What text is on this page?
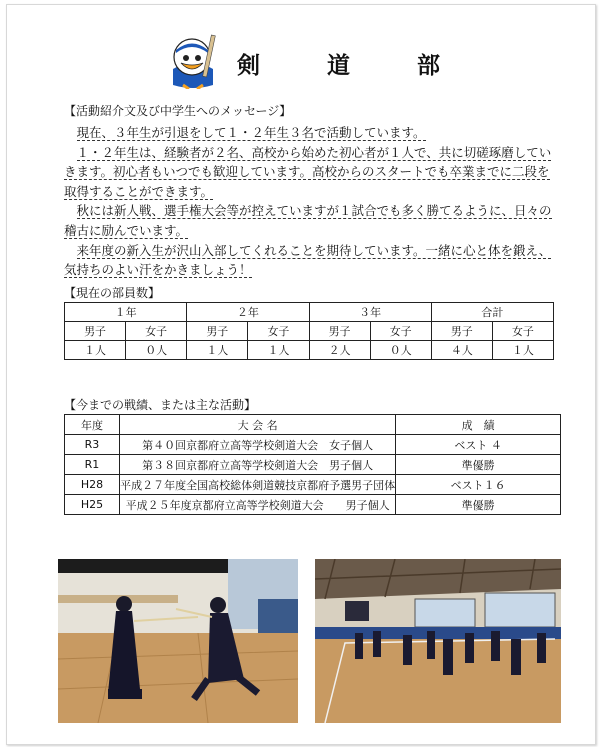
剣　道　部
【活動紹介文及び中学生へのメッセージ】

現在、３年生が引退をして１・２年生３名で活動しています。

１・２年生は、経験者が２名、高校から始めた初心者が１人で、共に切磋琢磨していきます。初心者もいつでも歓迎しています。高校からのスタートでも卒業までに二段を取得することができます。

秋には新人戦、選手権大会等が控えていますが１試合でも多く勝てるように、日々の稽古に励んでいます。

来年度の新入生が沢山入部してくれることを期待しています。一緒に心と体を鍛え、気持ちのよい汗をかきましょう！

【現在の部員数】
１年		２年		３年		合計	
男子	女子	男子	女子	男子	女子	男子	女子
１人	０人	１人	１人	２人	０人	４人	１人
【今までの戦績、または主な活動】
年度	大 会 名	成　績
R3	第４０回京都府立高等学校剣道大会　女子個人	ベスト ４
R1	第３８回京都府立高等学校剣道大会　男子個人	準優勝
H28	平成２７年度全国高校総体剣道競技京都府予選男子団体	ベスト１６
H25	平成２５年度京都府立高等学校剣道大会　　男子個人	準優勝
